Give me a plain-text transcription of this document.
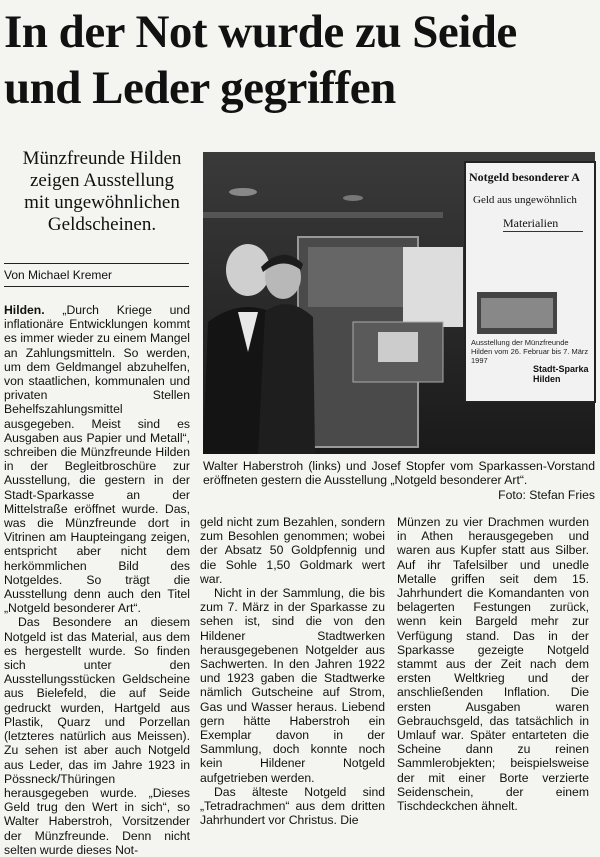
In der Not wurde zu Seide
und Leder gegriffen
Münzfreunde Hilden zeigen Ausstellung mit ungewöhnlichen Geldscheinen.
Von Michael Kremer

Hilden. „Durch Kriege und inflationäre Entwicklungen kommt es immer wieder zu einem Mangel an Zahlungsmitteln. So werden, um dem Geldmangel abzuhelfen, von staatlichen, kommunalen und privaten Stellen Behelfszahlungsmittel ausgegeben. Meist sind es Ausgaben aus Papier und Metall“, schreiben die Münzfreunde Hilden in der Begleitbroschüre zur Ausstellung, die gestern in der Stadt-Sparkasse an der Mittelstraße eröffnet wurde. Das, was die Münzfreunde dort in Vitrinen am Haupteingang zeigen, entspricht aber nicht dem herkömmlichen Bild des Notgeldes. So trägt die Ausstellung denn auch den Titel „Notgeld besonderer Art“.

Das Besondere an diesem Notgeld ist das Material, aus dem es hergestellt wurde. So finden sich unter den Ausstellungsstücken Geldscheine aus Bielefeld, die auf Seide gedruckt wurden, Hartgeld aus Plastik, Quarz und Porzellan (letzteres natürlich aus Meissen). Zu sehen ist aber auch Notgeld aus Leder, das im Jahre 1923 in Pössneck/Thüringen herausgegeben wurde. „Dieses Geld trug den Wert in sich“, so Walter Haberstroh, Vorsitzender der Münzfreunde. Denn nicht selten wurde dieses Not-

Notgeld besonderer A
Geld aus ungewöhnlich
Materialien
Ausstellung der Münzfreunde Hilden vom 26. Februar bis 7. März 1997
Stadt-Sparka Hilden
Walter Haberstroh (links) und Josef Stopfer vom Sparkassen-Vorstand eröffneten gestern die Ausstellung „Notgeld besonderer Art“.
Foto: Stefan Fries

geld nicht zum Bezahlen, sondern zum Besohlen genommen; wobei der Absatz 50 Goldpfennig und die Sohle 1,50 Goldmark wert war.

Nicht in der Sammlung, die bis zum 7. März in der Sparkasse zu sehen ist, sind die von den Hildener Stadtwerken herausgegebenen Notgelder aus Sachwerten. In den Jahren 1922 und 1923 gaben die Stadtwerke nämlich Gutscheine auf Strom, Gas und Wasser heraus. Liebend gern hätte Haberstroh ein Exemplar davon in der Sammlung, doch konnte noch kein Hildener Notgeld aufgetrieben werden.

Das älteste Notgeld sind „Tetradrachmen“ aus dem dritten Jahrhundert vor Christus. Die

Münzen zu vier Drachmen wurden in Athen herausgegeben und waren aus Kupfer statt aus Silber. Auf ihr Tafelsilber und unedle Metalle griffen seit dem 15. Jahrhundert die Komandanten von belagerten Festungen zurück, wenn kein Bargeld mehr zur Verfügung stand. Das in der Sparkasse gezeigte Notgeld stammt aus der Zeit nach dem ersten Weltkrieg und der anschließenden Inflation. Die ersten Ausgaben waren Gebrauchsgeld, das tatsächlich in Umlauf war. Später entarteten die Scheine dann zu reinen Sammlerobjekten; beispielsweise der mit einer Borte verzierte Seidenschein, der einem Tischdeckchen ähnelt.
